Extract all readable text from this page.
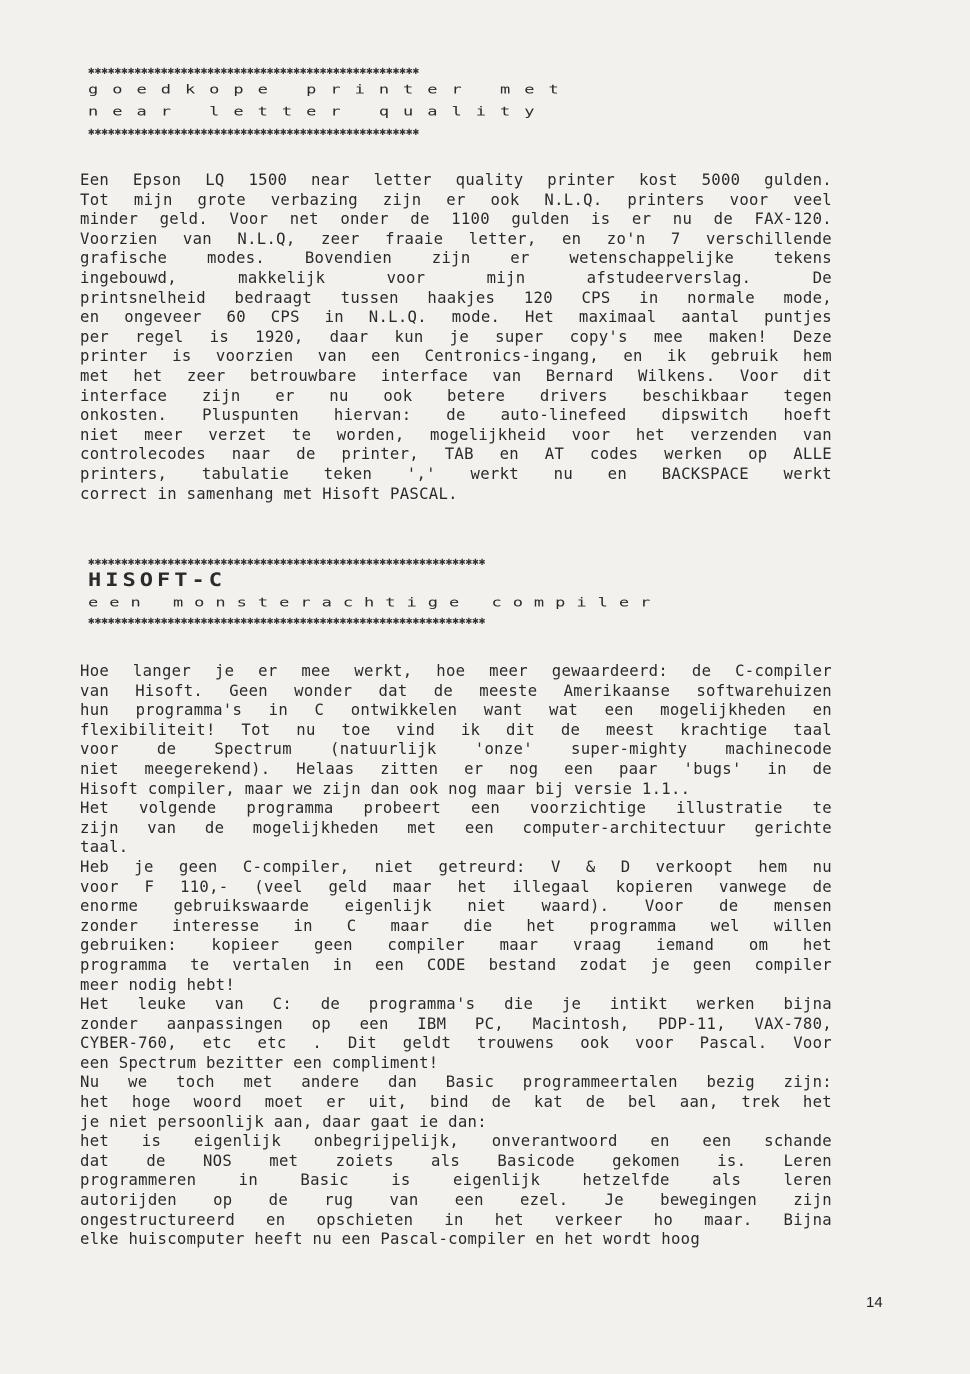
✱✱✱✱✱✱✱✱✱✱✱✱✱✱✱✱✱✱✱✱✱✱✱✱✱✱✱✱✱✱✱✱✱✱✱✱✱✱✱✱✱✱✱✱✱✱✱✱✱✱
goedkope printer met
near letter quality
✱✱✱✱✱✱✱✱✱✱✱✱✱✱✱✱✱✱✱✱✱✱✱✱✱✱✱✱✱✱✱✱✱✱✱✱✱✱✱✱✱✱✱✱✱✱✱✱✱✱
Een Epson LQ 1500 near letter quality printer kost 5000 gulden.
Tot mijn grote verbazing zijn er ook N.L.Q. printers voor veel
minder geld. Voor net onder de 1100 gulden is er nu de FAX-120.
Voorzien van N.L.Q, zeer fraaie letter, en zo'n 7 verschillende
grafische modes. Bovendien zijn er wetenschappelijke tekens
ingebouwd, makkelijk voor mijn afstudeerverslag. De
printsnelheid bedraagt tussen haakjes 120 CPS in normale mode,
en ongeveer 60 CPS in N.L.Q. mode. Het maximaal aantal puntjes
per regel is 1920, daar kun je super copy's mee maken! Deze
printer is voorzien van een Centronics-ingang, en ik gebruik hem
met het zeer betrouwbare interface van Bernard Wilkens. Voor dit
interface zijn er nu ook betere drivers beschikbaar tegen
onkosten. Pluspunten hiervan: de auto-linefeed dipswitch hoeft
niet meer verzet te worden, mogelijkheid voor het verzenden van
controlecodes naar de printer, TAB en AT codes werken op ALLE
printers, tabulatie teken ',' werkt nu en BACKSPACE werkt
correct in samenhang met Hisoft PASCAL.
✱✱✱✱✱✱✱✱✱✱✱✱✱✱✱✱✱✱✱✱✱✱✱✱✱✱✱✱✱✱✱✱✱✱✱✱✱✱✱✱✱✱✱✱✱✱✱✱✱✱✱✱✱✱✱✱✱✱✱✱
HISOFT-C
een monsterachtige compiler
✱✱✱✱✱✱✱✱✱✱✱✱✱✱✱✱✱✱✱✱✱✱✱✱✱✱✱✱✱✱✱✱✱✱✱✱✱✱✱✱✱✱✱✱✱✱✱✱✱✱✱✱✱✱✱✱✱✱✱✱
Hoe langer je er mee werkt, hoe meer gewaardeerd: de C-compiler
van Hisoft. Geen wonder dat de meeste Amerikaanse softwarehuizen
hun programma's in C ontwikkelen want wat een mogelijkheden en
flexibiliteit! Tot nu toe vind ik dit de meest krachtige taal
voor de Spectrum (natuurlijk 'onze' super-mighty machinecode
niet meegerekend). Helaas zitten er nog een paar 'bugs' in de
Hisoft compiler, maar we zijn dan ook nog maar bij versie 1.1..
Het volgende programma probeert een voorzichtige illustratie te
zijn van de mogelijkheden met een computer-architectuur gerichte
taal.
Heb je geen C-compiler, niet getreurd: V & D verkoopt hem nu
voor F 110,- (veel geld maar het illegaal kopieren vanwege de
enorme gebruikswaarde eigenlijk niet waard). Voor de mensen
zonder interesse in C maar die het programma wel willen
gebruiken: kopieer geen compiler maar vraag iemand om het
programma te vertalen in een CODE bestand zodat je geen compiler
meer nodig hebt!
Het leuke van C: de programma's die je intikt werken bijna
zonder aanpassingen op een IBM PC, Macintosh, PDP-11, VAX-780,
CYBER-760, etc etc . Dit geldt trouwens ook voor Pascal. Voor
een Spectrum bezitter een compliment!
Nu we toch met andere dan Basic programmeertalen bezig zijn:
het hoge woord moet er uit, bind de kat de bel aan, trek het
je niet persoonlijk aan, daar gaat ie dan:
het is eigenlijk onbegrijpelijk, onverantwoord en een schande
dat de NOS met zoiets als Basicode gekomen is. Leren
programmeren in Basic is eigenlijk hetzelfde als leren
autorijden op de rug van een ezel. Je bewegingen zijn
ongestructureerd en opschieten in het verkeer ho maar. Bijna
elke huiscomputer heeft nu een Pascal-compiler en het wordt hoog
14
